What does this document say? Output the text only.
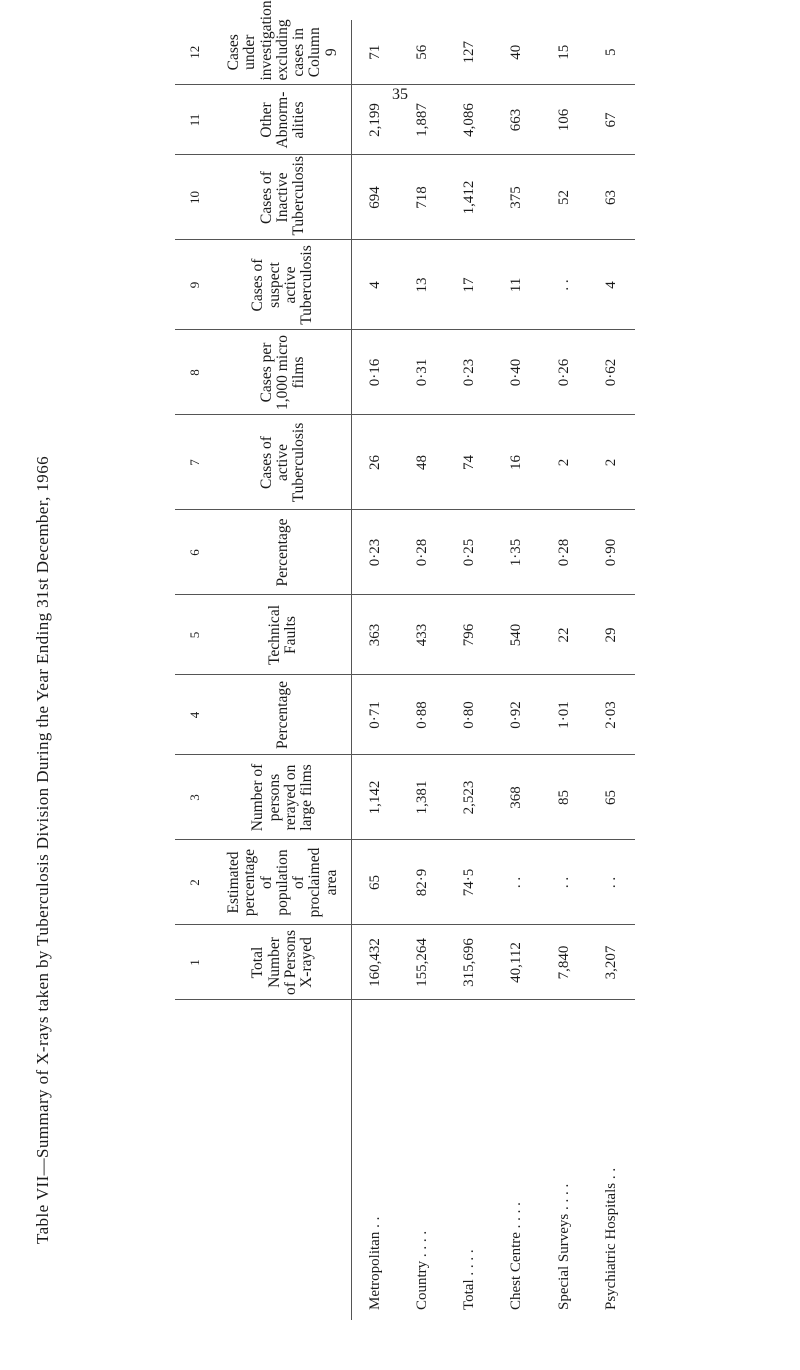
35
Table VII—Summary of X-rays taken by Tuberculosis Division During the Year Ending 31st December, 1966
		1	2	3	4	5	6	7	8	9	10	11	12
	Total Number of Persons X-rayed	Estimated percentage of population of proclaimed area	Number of persons rerayed on large films	Percentage	Technical Faults	Percentage	Cases of active Tuberculosis	Cases per 1,000 micro films	Cases of suspect active Tuberculosis	Cases of Inactive Tuberculosis	Other Abnorm-alities	Cases under investigation excluding cases in Column 9
Metropolitan . .	160,432	65	1,142	0·71	363	0·23	26	0·16	4	694	2,199	71
Country . . . .	155,264	82·9	1,381	0·88	433	0·28	48	0·31	13	718	1,887	56
Total . . . .	315,696	74·5	2,523	0·80	796	0·25	74	0·23	17	1,412	4,086	127
Chest Centre . . . .	40,112	. .	368	0·92	540	1·35	16	0·40	11	375	663	40
Special Surveys . . . .	7,840	. .	85	1·01	22	0·28	2	0·26	. .	52	106	15
Psychiatric Hospitals . .	3,207	. .	65	2·03	29	0·90	2	0·62	4	63	67	5
